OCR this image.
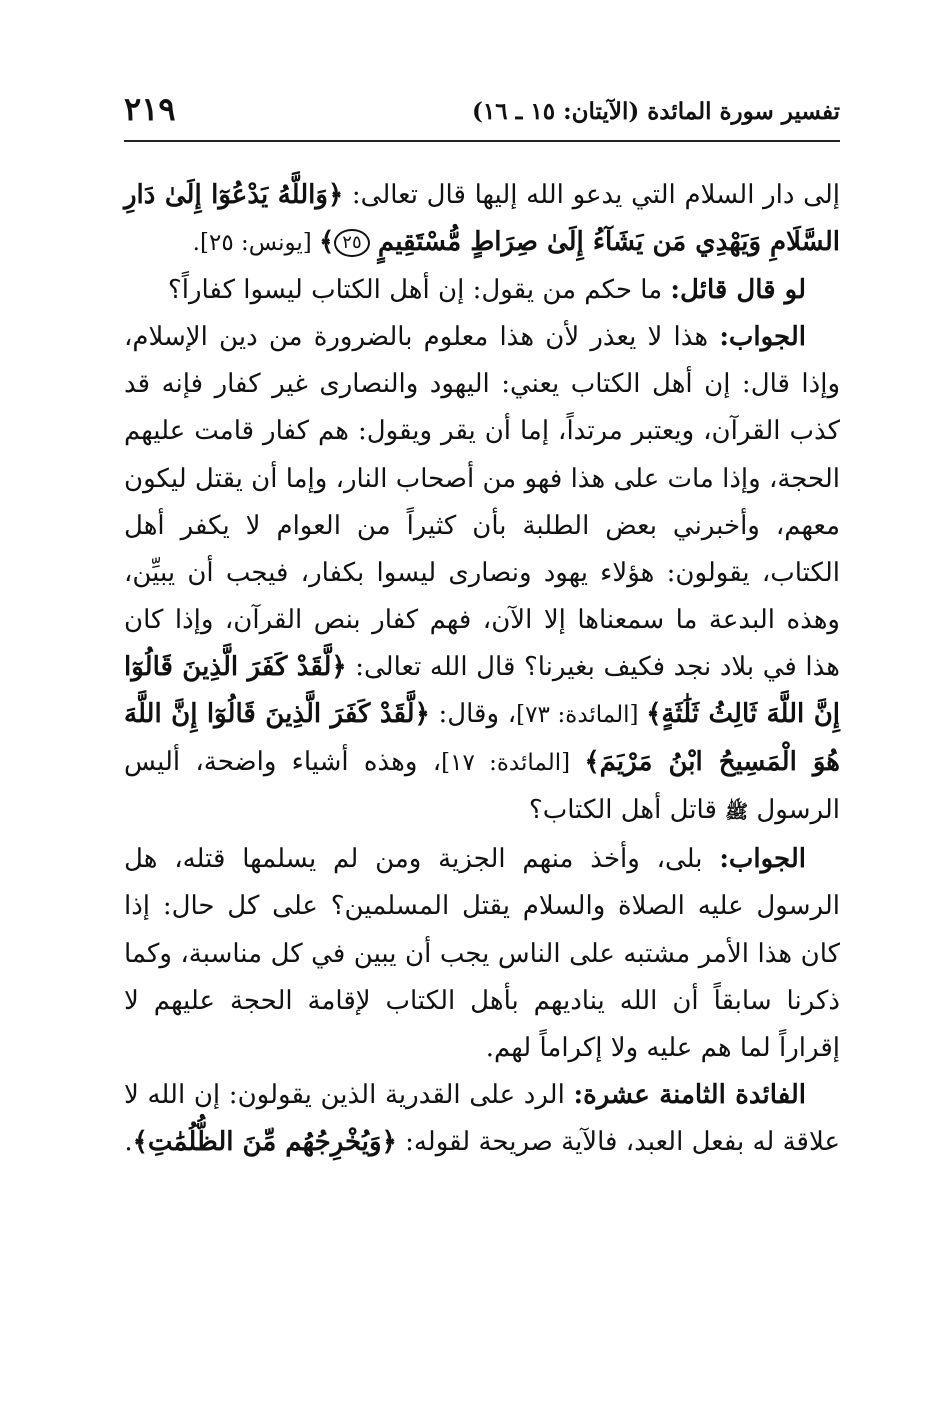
تفسير سورة المائدة (الآيتان: ١٥ ـ ١٦)
٢١٩

إلى دار السلام التي يدعو الله إليها قال تعالى: ﴿وَاللَّهُ يَدْعُوٓا إِلَىٰ دَارِ السَّلَامِ وَيَهْدِي مَن يَشَآءُ إِلَىٰ صِرَاطٍ مُّسْتَقِيمٍ ٢٥﴾ [يونس: ٢٥].

لو قال قائل: ما حكم من يقول: إن أهل الكتاب ليسوا كفاراً؟

الجواب: هذا لا يعذر لأن هذا معلوم بالضرورة من دين الإسلام، وإذا قال: إن أهل الكتاب يعني: اليهود والنصارى غير كفار فإنه قد كذب القرآن، ويعتبر مرتداً، إما أن يقر ويقول: هم كفار قامت عليهم الحجة، وإذا مات على هذا فهو من أصحاب النار، وإما أن يقتل ليكون معهم، وأخبرني بعض الطلبة بأن كثيراً من العوام لا يكفر أهل الكتاب، يقولون: هؤلاء يهود ونصارى ليسوا بكفار، فيجب أن يبيِّن، وهذه البدعة ما سمعناها إلا الآن، فهم كفار بنص القرآن، وإذا كان هذا في بلاد نجد فكيف بغيرنا؟ قال الله تعالى: ﴿لَّقَدْ كَفَرَ الَّذِينَ قَالُوٓا إِنَّ اللَّهَ ثَالِثُ ثَلَٰثَةٍ﴾ [المائدة: ٧٣]، وقال: ﴿لَّقَدْ كَفَرَ الَّذِينَ قَالُوٓا إِنَّ اللَّهَ هُوَ الْمَسِيحُ ابْنُ مَرْيَمَ﴾ [المائدة: ١٧]، وهذه أشياء واضحة، أليس الرسول ﷺ قاتل أهل الكتاب؟

الجواب: بلى، وأخذ منهم الجزية ومن لم يسلمها قتله، هل الرسول عليه الصلاة والسلام يقتل المسلمين؟ على كل حال: إذا كان هذا الأمر مشتبه على الناس يجب أن يبين في كل مناسبة، وكما ذكرنا سابقاً أن الله يناديهم بأهل الكتاب لإقامة الحجة عليهم لا إقراراً لما هم عليه ولا إكراماً لهم.

الفائدة الثامنة عشرة: الرد على القدرية الذين يقولون: إن الله لا علاقة له بفعل العبد، فالآية صريحة لقوله: ﴿وَيُخْرِجُهُم مِّنَ الظُّلُمَٰتِ﴾.
